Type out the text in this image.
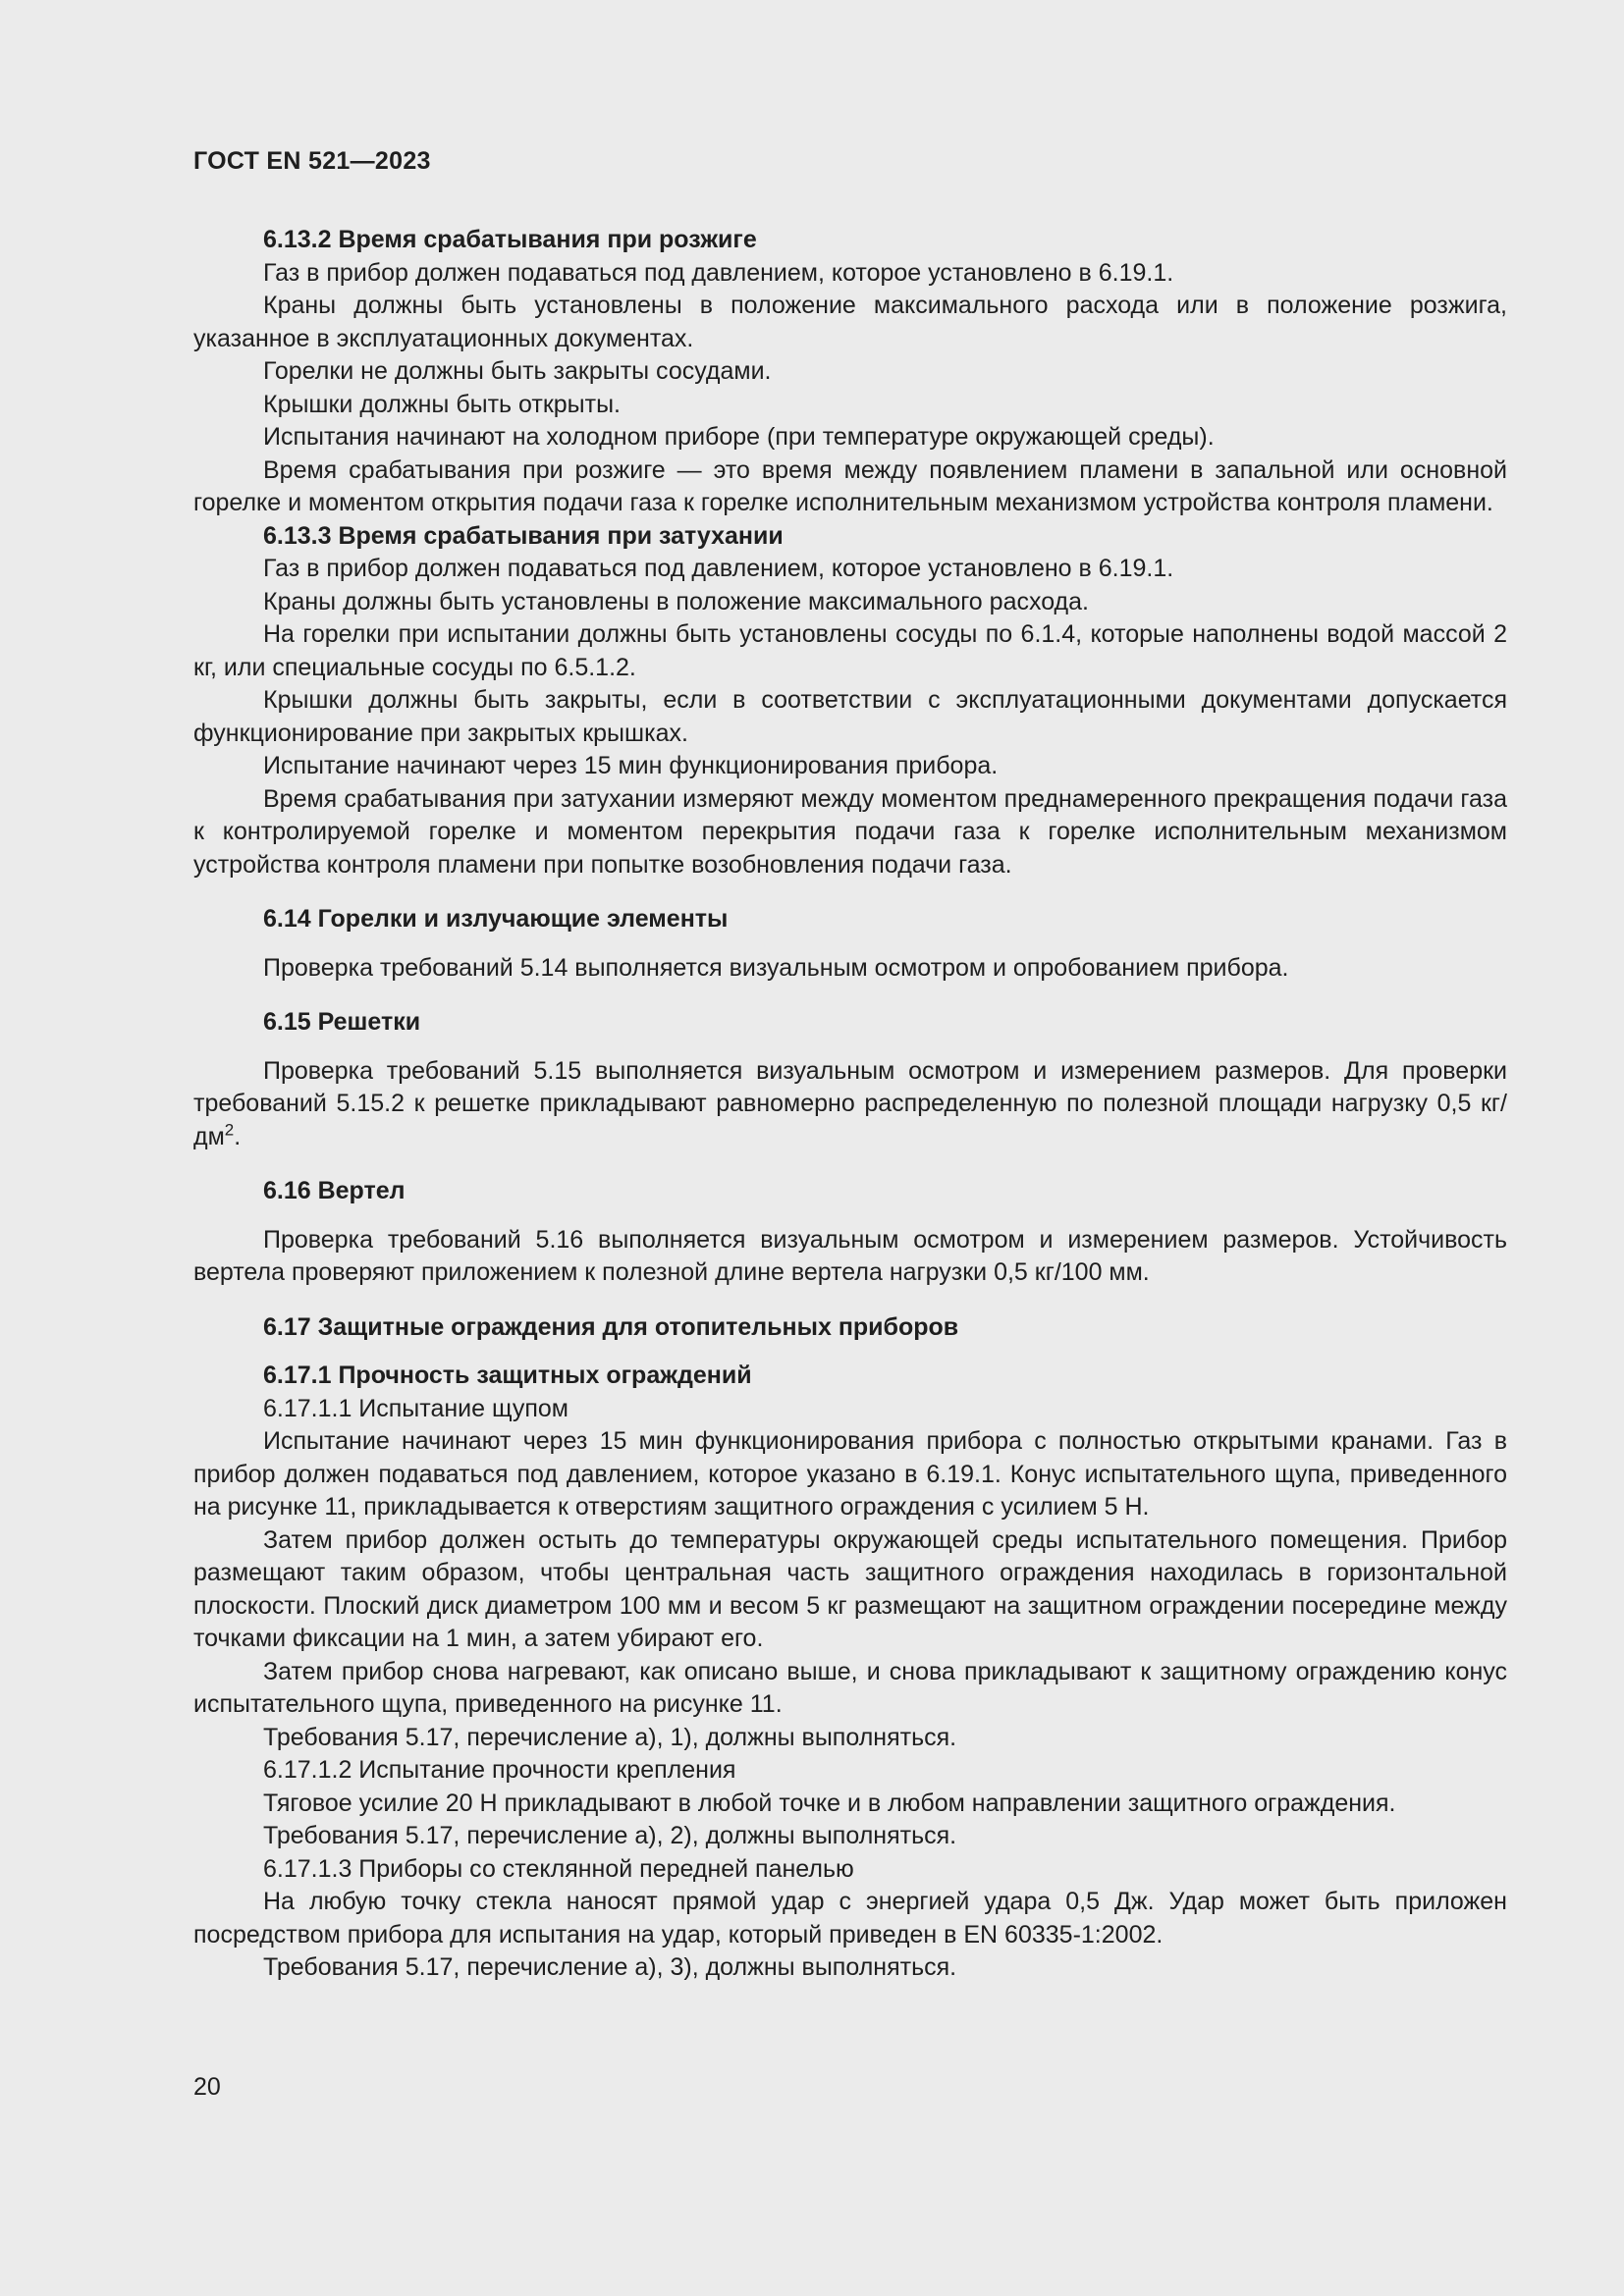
ГОСТ EN 521—2023

6.13.2 Время срабатывания при розжиге

Газ в прибор должен подаваться под давлением, которое установлено в 6.19.1.

Краны должны быть установлены в положение максимального расхода или в положение розжига, указанное в эксплуатационных документах.

Горелки не должны быть закрыты сосудами.

Крышки должны быть открыты.

Испытания начинают на холодном приборе (при температуре окружающей среды).

Время срабатывания при розжиге — это время между появлением пламени в запальной или основной горелке и моментом открытия подачи газа к горелке исполнительным механизмом устройства контроля пламени.

6.13.3 Время срабатывания при затухании

Газ в прибор должен подаваться под давлением, которое установлено в 6.19.1.

Краны должны быть установлены в положение максимального расхода.

На горелки при испытании должны быть установлены сосуды по 6.1.4, которые наполнены водой массой 2 кг, или специальные сосуды по 6.5.1.2.

Крышки должны быть закрыты, если в соответствии с эксплуатационными документами допускается функционирование при закрытых крышках.

Испытание начинают через 15 мин функционирования прибора.

Время срабатывания при затухании измеряют между моментом преднамеренного прекращения подачи газа к контролируемой горелке и моментом перекрытия подачи газа к горелке исполнительным механизмом устройства контроля пламени при попытке возобновления подачи газа.

6.14 Горелки и излучающие элементы

Проверка требований 5.14 выполняется визуальным осмотром и опробованием прибора.

6.15 Решетки

Проверка требований 5.15 выполняется визуальным осмотром и измерением размеров. Для проверки требований 5.15.2 к решетке прикладывают равномерно распределенную по полезной площади нагрузку 0,5 $кг/дм^2$.

6.16 Вертел

Проверка требований 5.16 выполняется визуальным осмотром и измерением размеров. Устойчивость вертела проверяют приложением к полезной длине вертела нагрузки 0,5 кг/100 мм.

6.17 Защитные ограждения для отопительных приборов

6.17.1 Прочность защитных ограждений

6.17.1.1 Испытание щупом

Испытание начинают через 15 мин функционирования прибора с полностью открытыми кранами. Газ в прибор должен подаваться под давлением, которое указано в 6.19.1. Конус испытательного щупа, приведенного на рисунке 11, прикладывается к отверстиям защитного ограждения с усилием 5 Н.

Затем прибор должен остыть до температуры окружающей среды испытательного помещения. Прибор размещают таким образом, чтобы центральная часть защитного ограждения находилась в горизонтальной плоскости. Плоский диск диаметром 100 мм и весом 5 кг размещают на защитном ограждении посередине между точками фиксации на 1 мин, а затем убирают его.

Затем прибор снова нагревают, как описано выше, и снова прикладывают к защитному ограждению конус испытательного щупа, приведенного на рисунке 11.

Требования 5.17, перечисление а), 1), должны выполняться.

6.17.1.2 Испытание прочности крепления

Тяговое усилие 20 Н прикладывают в любой точке и в любом направлении защитного ограждения.

Требования 5.17, перечисление а), 2), должны выполняться.

6.17.1.3 Приборы со стеклянной передней панелью

На любую точку стекла наносят прямой удар с энергией удара 0,5 Дж. Удар может быть приложен посредством прибора для испытания на удар, который приведен в EN 60335-1:2002.

Требования 5.17, перечисление а), 3), должны выполняться.

20
